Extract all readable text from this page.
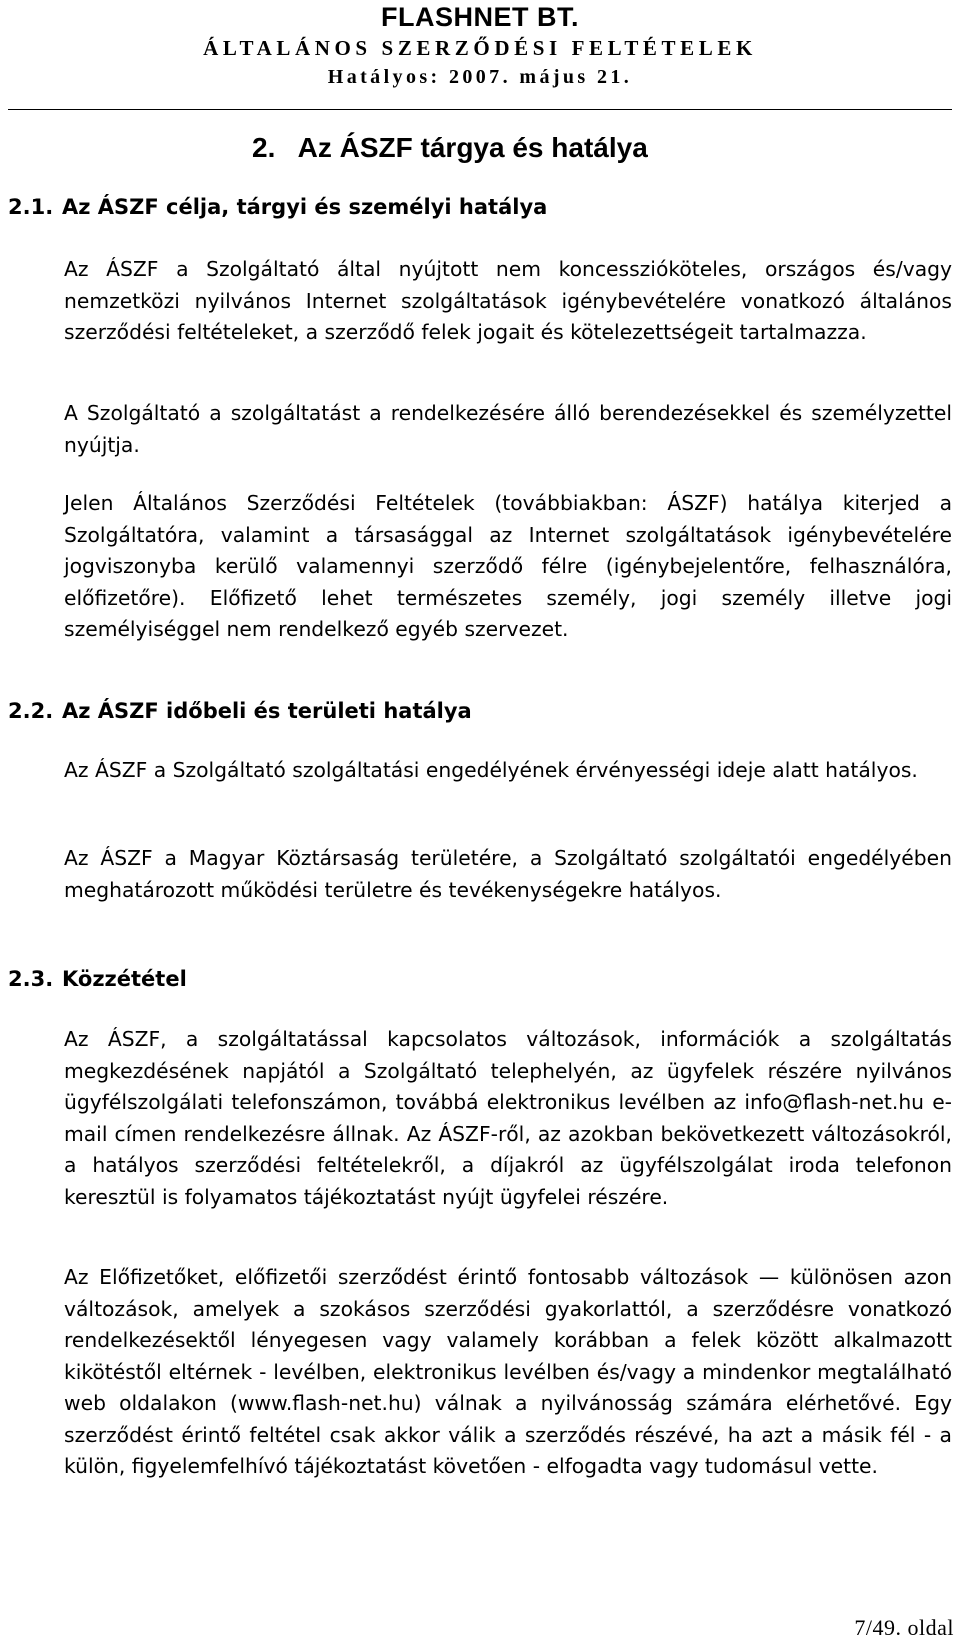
FLASHNET BT.
ÁLTALÁNOS SZERZŐDÉSI FELTÉTELEK
Hatályos: 2007. május 21.
2.   Az ÁSZF tárgya és hatálya
2.1. Az ÁSZF célja, tárgyi és személyi hatálya

Az ÁSZF a Szolgáltató által nyújtott nem koncesszióköteles, országos és/vagy nemzetközi nyilvános Internet szolgáltatások igénybevételére vonatkozó általános szerződési feltételeket, a szerződő felek jogait és kötelezettségeit tartalmazza.

A Szolgáltató a szolgáltatást a rendelkezésére álló berendezésekkel és személyzettel nyújtja.

Jelen Általános Szerződési Feltételek (továbbiakban: ÁSZF) hatálya kiterjed a Szolgáltatóra, valamint a társasággal az Internet szolgáltatások igénybevételére jogviszonyba kerülő valamennyi szerződő félre (igénybejelentőre, felhasználóra, előfizetőre). Előfizető lehet természetes személy, jogi személy illetve jogi személyiséggel nem rendelkező egyéb szervezet.

2.2. Az ÁSZF időbeli és területi hatálya

Az ÁSZF a Szolgáltató szolgáltatási engedélyének érvényességi ideje alatt hatályos.

Az ÁSZF a Magyar Köztársaság területére, a Szolgáltató szolgáltatói engedélyében meghatározott működési területre és tevékenységekre hatályos.

2.3. Közzététel

Az ÁSZF, a szolgáltatással kapcsolatos változások, információk a szolgáltatás megkezdésének napjától a Szolgáltató telephelyén, az ügyfelek részére nyilvános ügyfélszolgálati telefonszámon, továbbá elektronikus levélben az info@flash-net.hu e-mail címen rendelkezésre állnak. Az ÁSZF-ről, az azokban bekövetkezett változásokról, a hatályos szerződési feltételekről, a díjakról az ügyfélszolgálat iroda telefonon keresztül is folyamatos tájékoztatást nyújt ügyfelei részére.

Az Előfizetőket, előfizetői szerződést érintő fontosabb változások — különösen azon változások, amelyek a szokásos szerződési gyakorlattól, a szerződésre vonatkozó rendelkezésektől lényegesen vagy valamely korábban a felek között alkalmazott kikötéstől eltérnek - levélben, elektronikus levélben és/vagy a mindenkor megtalálható web oldalakon (www.flash-net.hu) válnak a nyilvánosság számára elérhetővé. Egy szerződést érintő feltétel csak akkor válik a szerződés részévé, ha azt a másik fél - a külön, figyelemfelhívó tájékoztatást követően - elfogadta vagy tudomásul vette.

7/49. oldal
